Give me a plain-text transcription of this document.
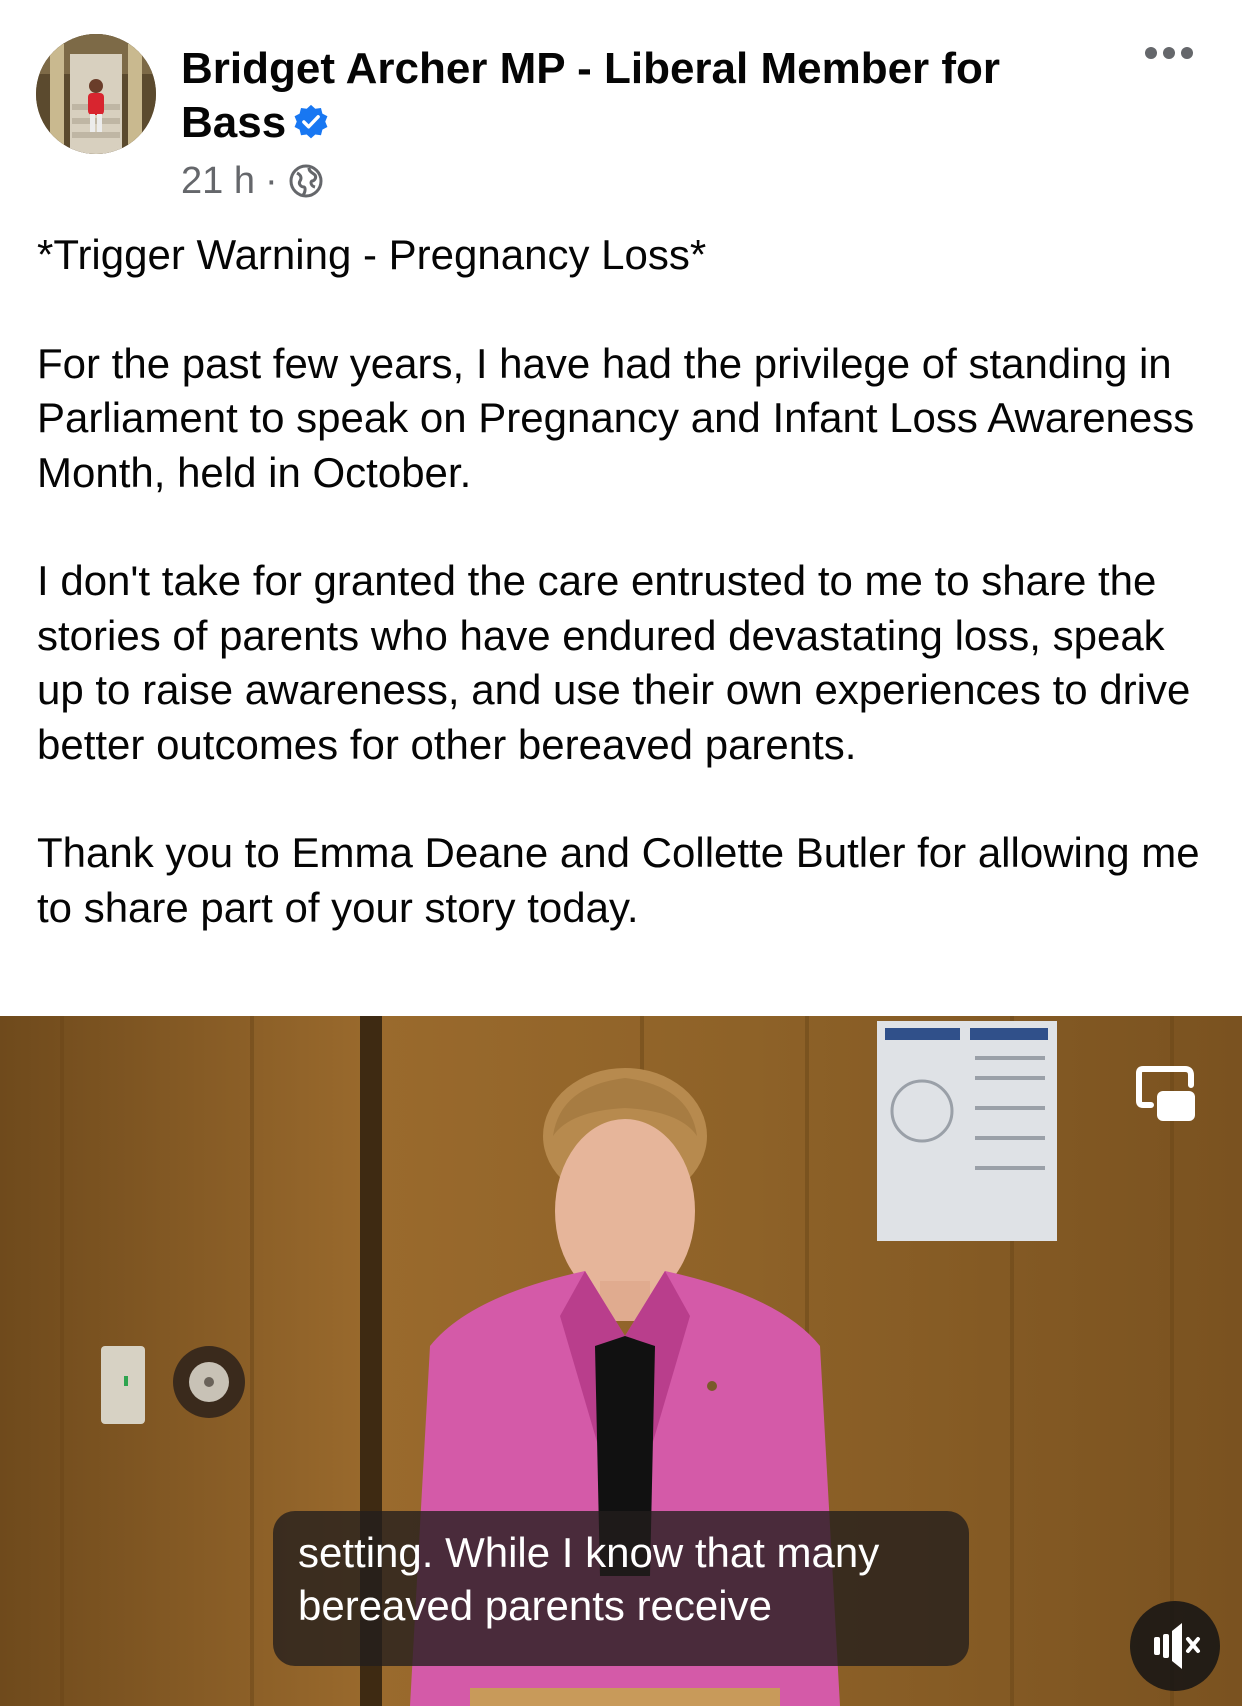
Bridget Archer MP - Liberal Member for
Bass
21 h ·

*Trigger Warning - Pregnancy Loss*

For the past few years, I have had the privilege of standing in Parliament to speak on Pregnancy and Infant Loss Awareness Month, held in October.

I don't take for granted the care entrusted to me to share the stories of parents who have endured devastating loss, speak up to raise awareness, and use their own experiences to drive better outcomes for other bereaved parents.

Thank you to Emma Deane and Collette Butler for allowing me to share part of your story today.

setting. While I know that many
bereaved parents receive
